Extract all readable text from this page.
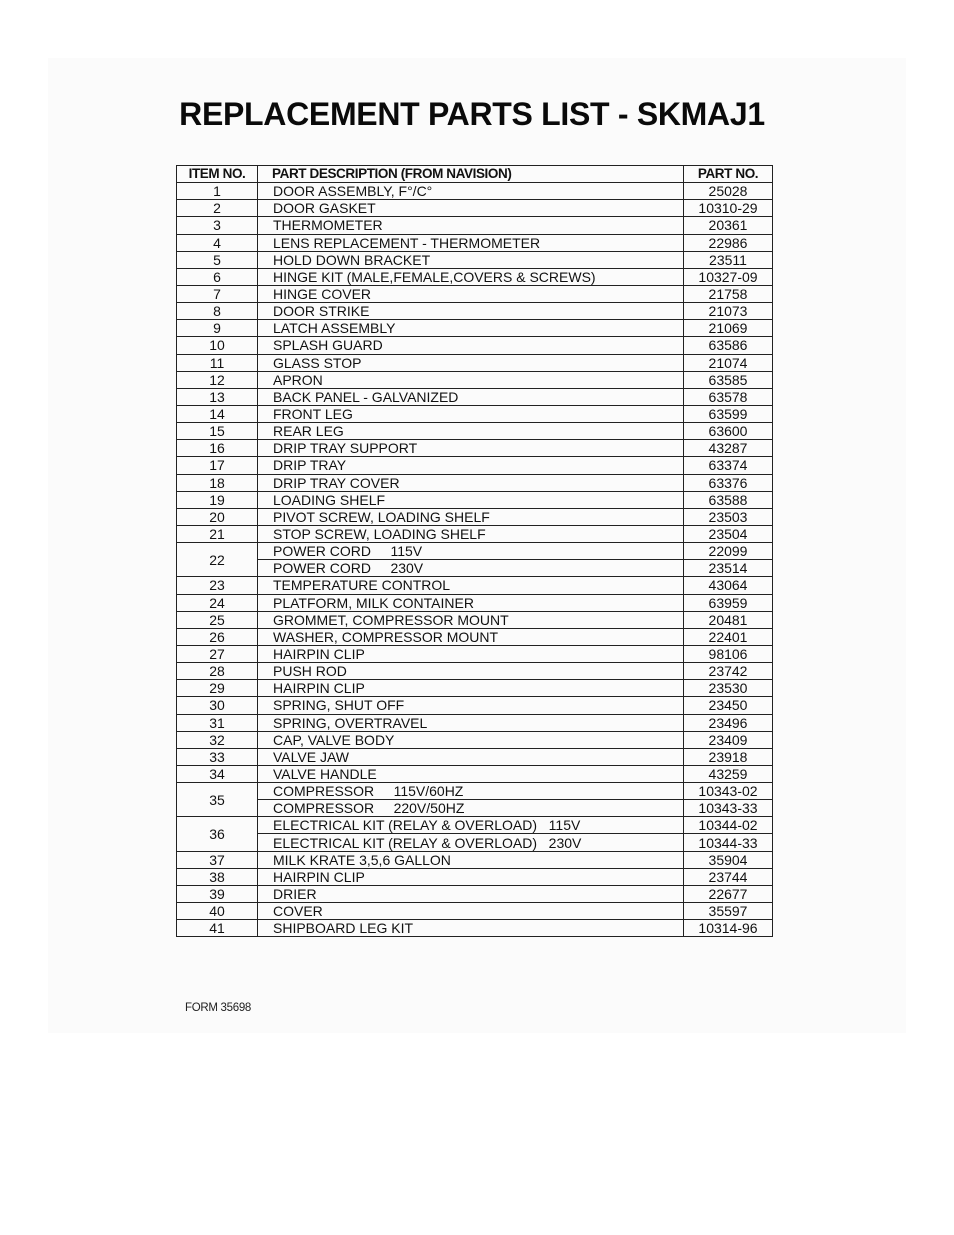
REPLACEMENT PARTS LIST - SKMAJ1
ITEM NO.	PART DESCRIPTION (FROM NAVISION)	PART NO.
1	DOOR ASSEMBLY, F°/C°	25028
2	DOOR GASKET	10310-29
3	THERMOMETER	20361
4	LENS REPLACEMENT - THERMOMETER	22986
5	HOLD DOWN BRACKET	23511
6	HINGE KIT (MALE,FEMALE,COVERS & SCREWS)	10327-09
7	HINGE COVER	21758
8	DOOR STRIKE	21073
9	LATCH ASSEMBLY	21069
10	SPLASH GUARD	63586
11	GLASS STOP	21074
12	APRON	63585
13	BACK PANEL - GALVANIZED	63578
14	FRONT LEG	63599
15	REAR LEG	63600
16	DRIP TRAY SUPPORT	43287
17	DRIP TRAY	63374
18	DRIP TRAY COVER	63376
19	LOADING SHELF	63588
20	PIVOT SCREW, LOADING SHELF	23503
21	STOP SCREW, LOADING SHELF	23504
22	POWER CORD     115V	22099
	POWER CORD     230V	23514
23	TEMPERATURE CONTROL	43064
24	PLATFORM, MILK CONTAINER	63959
25	GROMMET, COMPRESSOR MOUNT	20481
26	WASHER, COMPRESSOR MOUNT	22401
27	HAIRPIN CLIP	98106
28	PUSH ROD	23742
29	HAIRPIN CLIP	23530
30	SPRING, SHUT OFF	23450
31	SPRING, OVERTRAVEL	23496
32	CAP, VALVE BODY	23409
33	VALVE JAW	23918
34	VALVE HANDLE	43259
35	COMPRESSOR     115V/60HZ	10343-02
	COMPRESSOR     220V/50HZ	10343-33
36	ELECTRICAL KIT (RELAY & OVERLOAD)   115V	10344-02
	ELECTRICAL KIT (RELAY & OVERLOAD)   230V	10344-33
37	MILK KRATE 3,5,6 GALLON	35904
38	HAIRPIN CLIP	23744
39	DRIER	22677
40	COVER	35597
41	SHIPBOARD LEG KIT	10314-96
FORM 35698
